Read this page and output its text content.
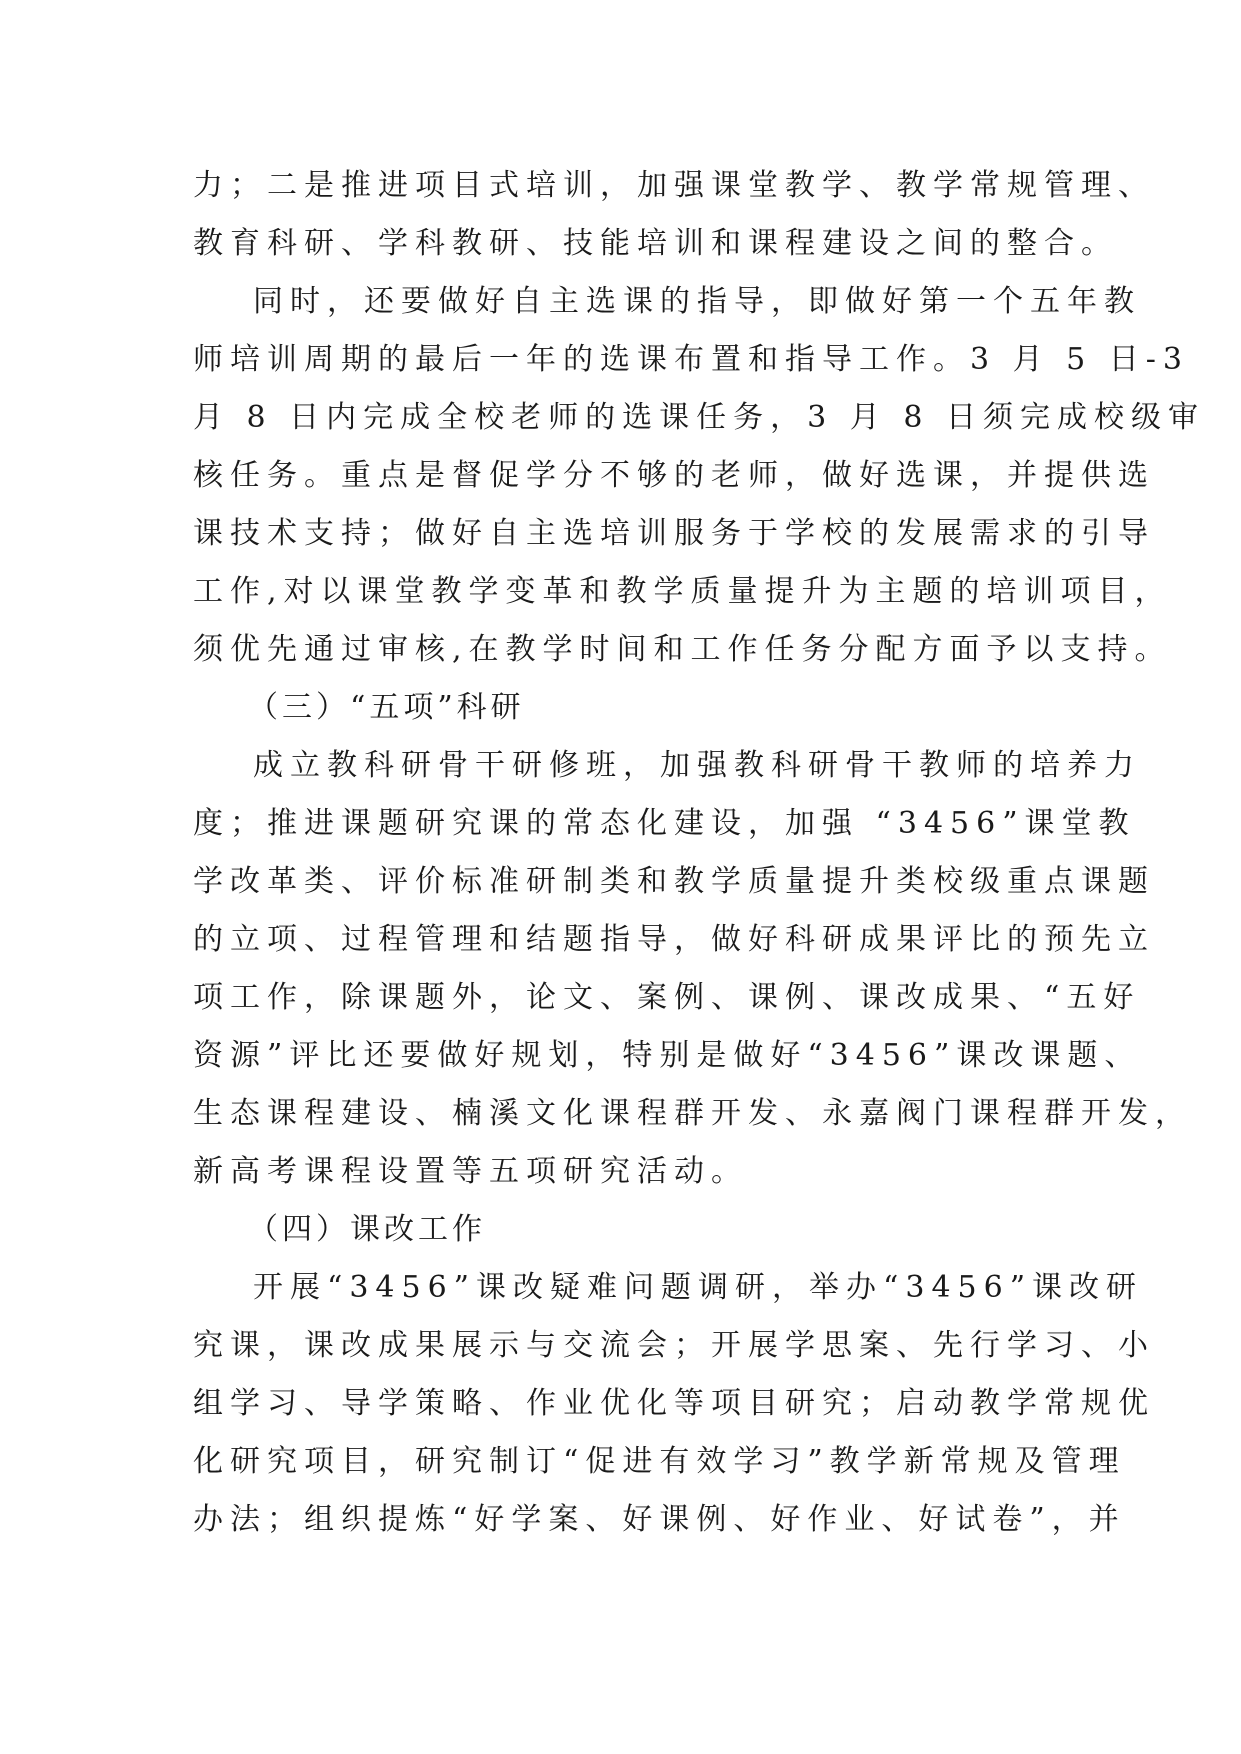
力；二是推进项目式培训，加强课堂教学、教学常规管理、
教育科研、学科教研、技能培训和课程建设之间的整合。
同时，还要做好自主选课的指导，即做好第一个五年教
师培训周期的最后一年的选课布置和指导工作。3 月 5 日-3
月 8 日内完成全校老师的选课任务，3 月 8 日须完成校级审
核任务。重点是督促学分不够的老师，做好选课，并提供选
课技术支持；做好自主选培训服务于学校的发展需求的引导
工作,对以课堂教学变革和教学质量提升为主题的培训项目，
须优先通过审核,在教学时间和工作任务分配方面予以支持。
（三）“五项”科研
成立教科研骨干研修班，加强教科研骨干教师的培养力
度；推进课题研究课的常态化建设，加强 “3456”课堂教
学改革类、评价标准研制类和教学质量提升类校级重点课题
的立项、过程管理和结题指导，做好科研成果评比的预先立
项工作，除课题外，论文、案例、课例、课改成果、“五好
资源”评比还要做好规划，特别是做好“3456”课改课题、
生态课程建设、楠溪文化课程群开发、永嘉阀门课程群开发，
新高考课程设置等五项研究活动。
（四）课改工作
开展“3456”课改疑难问题调研，举办“3456”课改研
究课，课改成果展示与交流会；开展学思案、先行学习、小
组学习、导学策略、作业优化等项目研究；启动教学常规优
化研究项目，研究制订“促进有效学习”教学新常规及管理
办法；组织提炼“好学案、好课例、好作业、好试卷”，并
